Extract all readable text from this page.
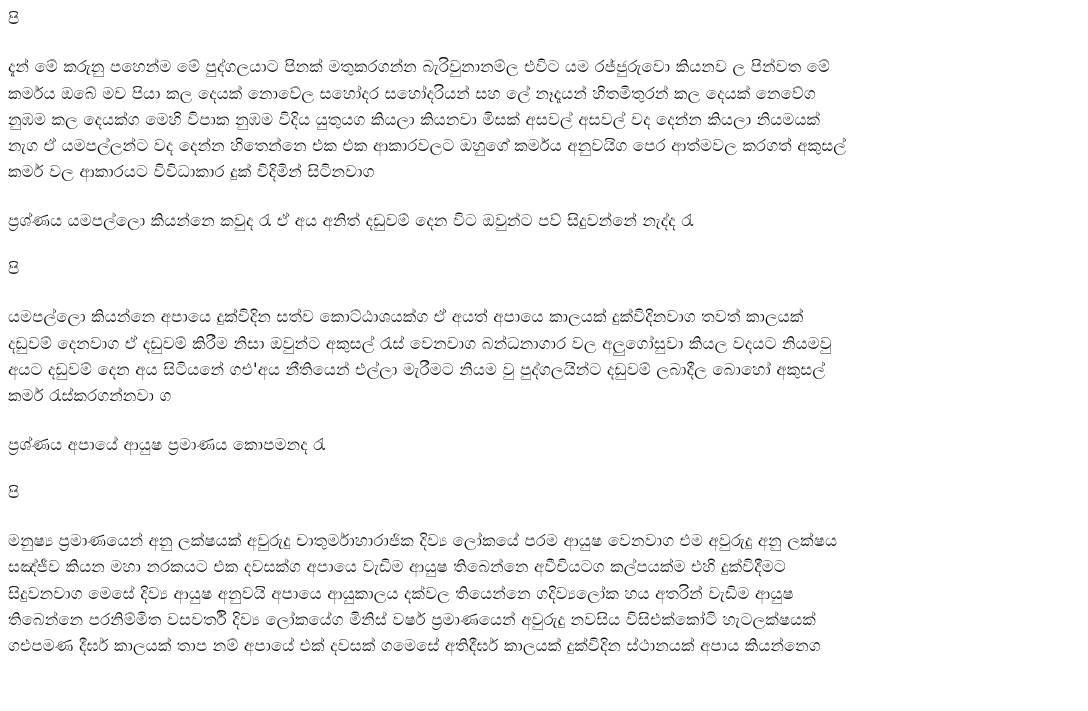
පි
දැන් මේ කරුනු පහෙන්ම මේ පුද්ගලයාට පිනක් මතුකරගන්න බැරිවුනානම්ල එවිට යම රජ්ජුරුවො කියනව ල පින්වත මේ
කර්මය ඔබේ මව පියා කල දෙයක් නොවේල සහෝදර සහෝදරියන් සහ ලේ නෑදෑයන් හිතමිතුරන් කල දෙයක් නෙවේග
නුඹම කල දෙයක්ග මෙහි විපාක නුඹම විදිය යුතුයග කියලා කියනවා මිසක් අසවල් අසවල් වද දෙන්න කියලා නියමයක්
නැග ඒ යමපල්ලන්ට වද දෙන්න හිතෙන්නෙ එක එක ආකාරවලට ඔහුගේ කර්මය අනුවයිග පෙර ආත්මවල කරගත් අකුසල්
කර්ම වල ආකාරයට විවිධාකාර දුක් විදිමින් සිටිනවාග
ප්‍රශ්ණය යමපල්ලො කියන්නෙ කවුද රැ ඒ අය අනිත් දඩුවම් දෙන විට ඔවුන්ට පව් සිදුවන්නේ නැද්ද රැ
පි
යමපල්ලො කියන්නෙ අපායෙ දුක්විදින සත්ව කොට්ඨාශයක්ග ඒ අයත් අපායෙ කාලයක් දුක්විදිනවාග තවත් කාලයක්
දඩුවම් දෙනවාග ඒ දඩුවම් කිරීම නිසා ඔවුන්ට අකුසල් රැස් වෙනවාග බන්ධනාගාර වල අලුගෝසුවා කියල වදයට නියමවු
අයට දඩුවම් දෙන අය සිටියනේ ගඑ'අය නීතියෙන් එල්ලා මැරීමට නියම වු පුද්ගලයින්ට දඩුවම් ලබාදීල බොහෝ අකුසල්
කර්ම රැස්කරගන්නවා ග
ප්‍රශ්ණය අපායේ ආයුෂ ප්‍රමාණය කොපමනද රැ
පි
මනුෂ්‍ය ප්‍රමාණයෙන් අනු ලක්ෂයක් අවුරුදු චාතුර්මාහාරාජික දිව්‍ය ලෝකයේ පරම ආයුෂ වෙනවාග එම අවුරුදු අනු ලක්ෂය
සඤ්ජීව කියන මහා නරකයට එක දවසක්ග අපායෙ වැඩිම ආයුෂ තිබෙන්නෙ අවීචියටග කල්පයක්ම එහි දුක්විදීමට
සිදුවනවාග මෙසේ දිව්‍ය ආයුෂ අනුවයි අපායෙ ආයුකාලය දක්වල තියෙන්නෙ ගදිව්‍යලෝක හය අතරින් වැඩිම ආයුෂ
තිබෙන්නෙ පරනිම්මිත වසවර්ති දිව්‍ය ලෝකයේග මිනිස් වර්ෂ ප්‍රමාණයෙන් අවුරුදු නවසිය විසිඑක්කෝටි හැටලක්ෂයක්
ගඑපමණ දීර්ඝ කාලයක් තාප නම් අපායේ එක් දවසක් ගමෙසේ අතිදීර්ඝ කාලයක් දුක්විදින ස්ථානයක් අපාය කියන්නෙග
